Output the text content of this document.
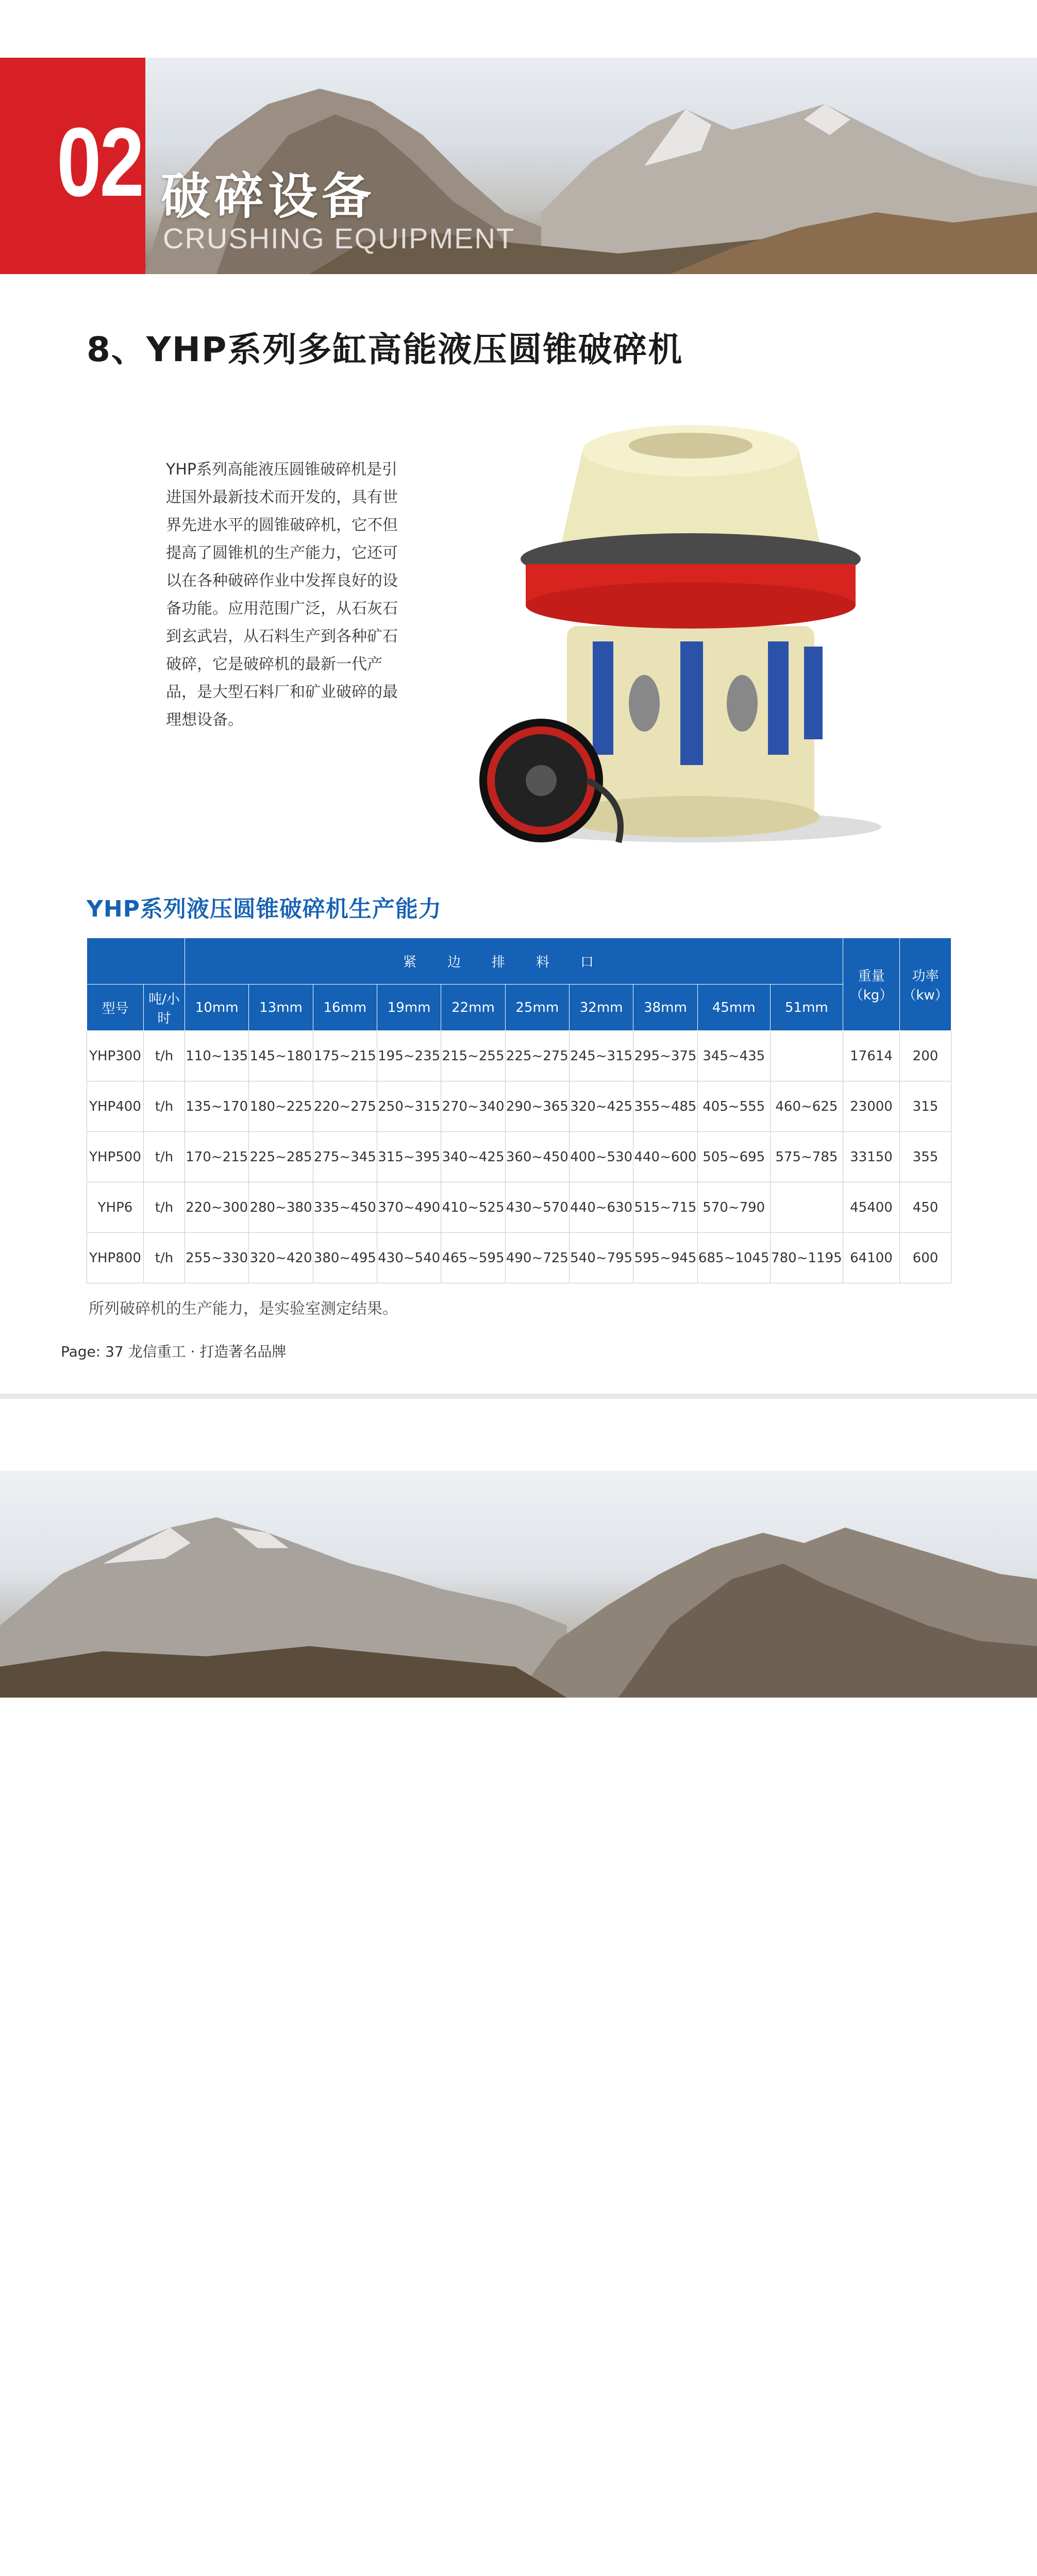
02 破碎设备
CRUSHING EQUIPMENT
8、YHP系列多缸高能液压圆锥破碎机
YHP系列高能液压圆锥破碎机是引进国外最新技术而开发的，具有世界先进水平的圆锥破碎机，它不但提高了圆锥机的生产能力，它还可以在各种破碎作业中发挥良好的设备功能。应用范围广泛，从石灰石到玄武岩，从石料生产到各种矿石破碎，它是破碎机的最新一代产品，是大型石料厂和矿业破碎的最理想设备。
YHP系列液压圆锥破碎机生产能力
		紧边排料口										重量（kg）	功率（kw）
型号	吨/小时	10mm	13mm	16mm	19mm	22mm	25mm	32mm	38mm	45mm	51mm		
YHP300	t/h	110~135	145~180	175~215	195~235	215~255	225~275	245~315	295~375	345~435		17614	200
YHP400	t/h	135~170	180~225	220~275	250~315	270~340	290~365	320~425	355~485	405~555	460~625	23000	315
YHP500	t/h	170~215	225~285	275~345	315~395	340~425	360~450	400~530	440~600	505~695	575~785	33150	355
YHP6	t/h	220~300	280~380	335~450	370~490	410~525	430~570	440~630	515~715	570~790		45400	450
YHP800	t/h	255~330	320~420	380~495	430~540	465~595	490~725	540~795	595~945	685~1045	780~1195	64100	600
所列破碎机的生产能力，是实验室测定结果。
Page: 37 龙信重工 · 打造著名品牌
